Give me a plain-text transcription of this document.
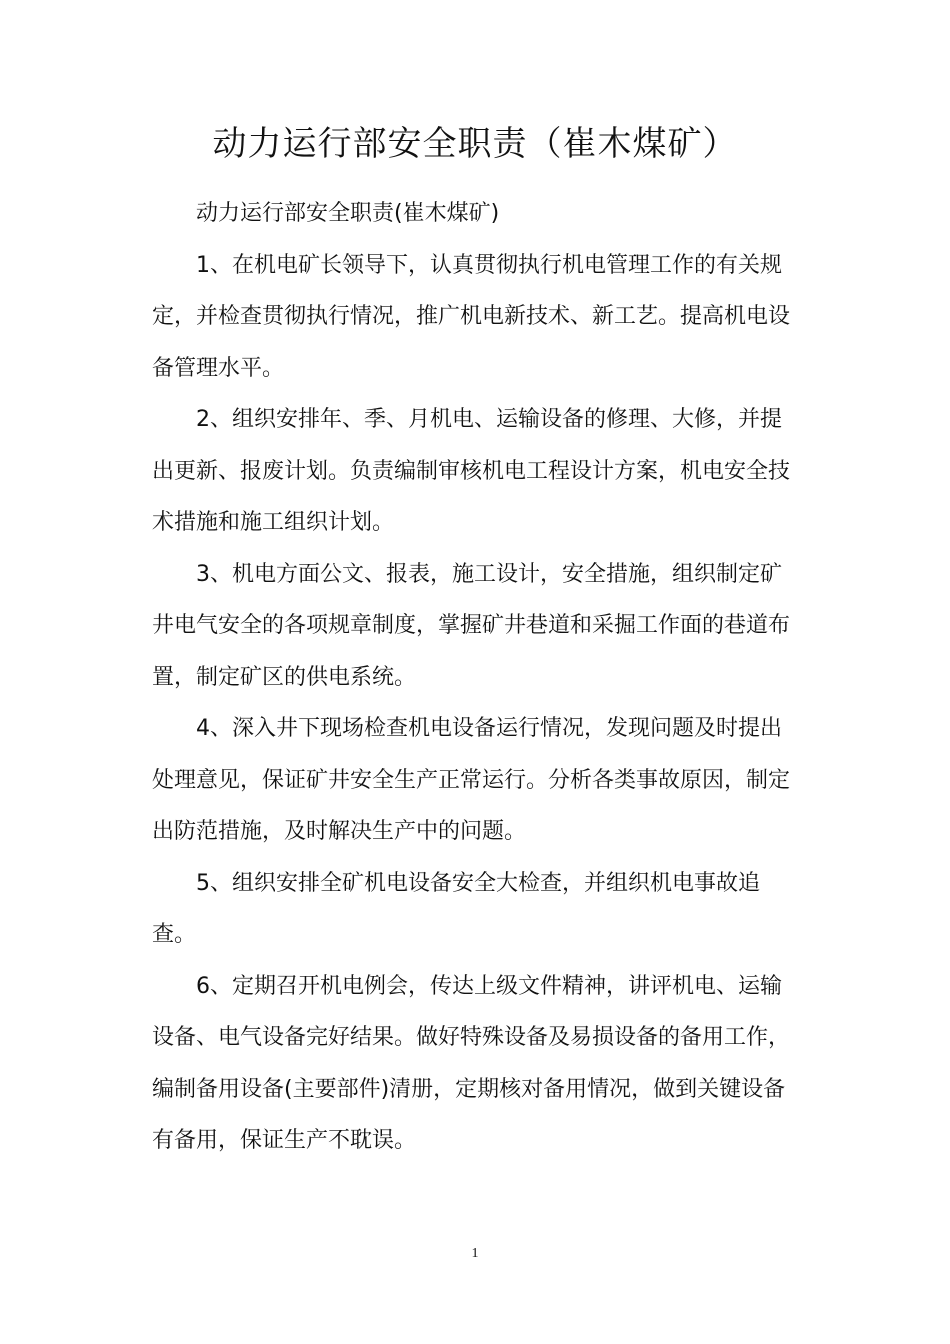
动力运行部安全职责（崔木煤矿）

动力运行部安全职责(崔木煤矿)

1、在机电矿长领导下，认真贯彻执行机电管理工作的有关规定，并检查贯彻执行情况，推广机电新技术、新工艺。提高机电设备管理水平。

2、组织安排年、季、月机电、运输设备的修理、大修，并提出更新、报废计划。负责编制审核机电工程设计方案，机电安全技术措施和施工组织计划。

3、机电方面公文、报表，施工设计，安全措施，组织制定矿井电气安全的各项规章制度，掌握矿井巷道和采掘工作面的巷道布置，制定矿区的供电系统。

4、深入井下现场检查机电设备运行情况，发现问题及时提出处理意见，保证矿井安全生产正常运行。分析各类事故原因，制定出防范措施，及时解决生产中的问题。

5、组织安排全矿机电设备安全大检查，并组织机电事故追查。

6、定期召开机电例会，传达上级文件精神，讲评机电、运输设备、电气设备完好结果。做好特殊设备及易损设备的备用工作，编制备用设备(主要部件)清册，定期核对备用情况，做到关键设备有备用，保证生产不耽误。

1
